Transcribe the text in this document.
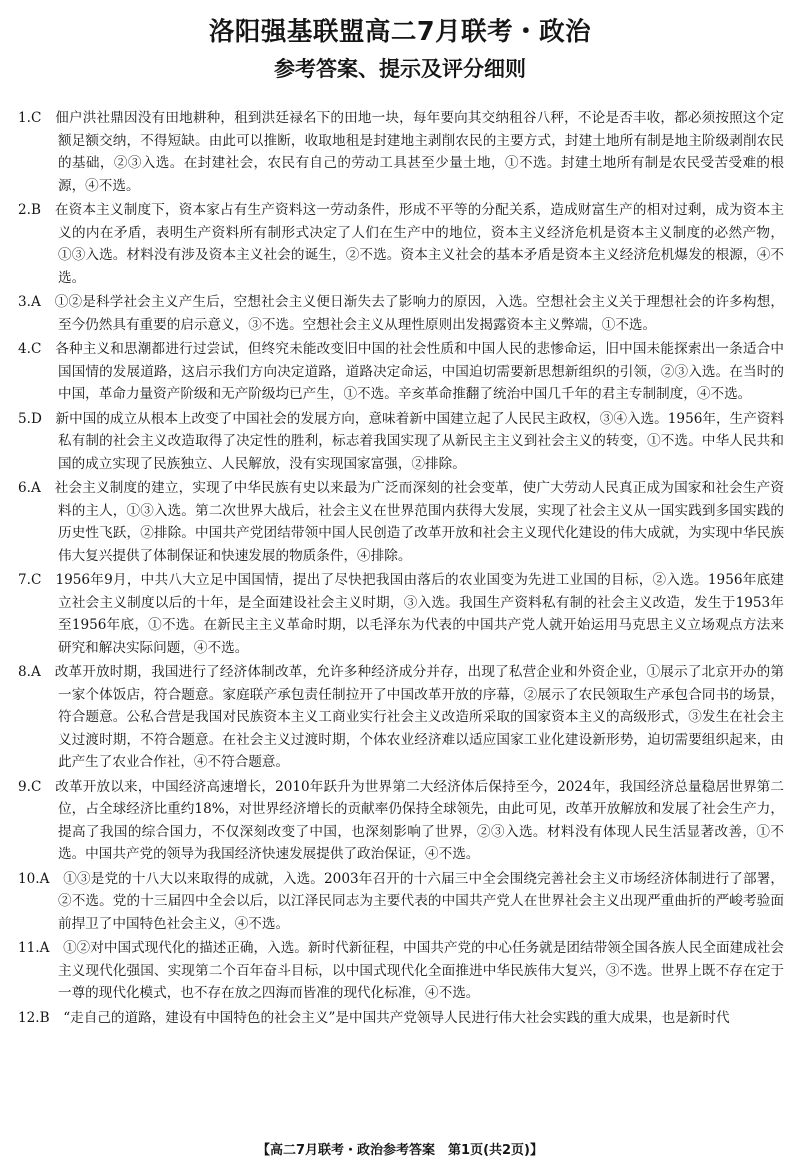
洛阳强基联盟高二7月联考・政治
参考答案、提示及评分细则

1.C　 佃户洪社鼎因没有田地耕种，租到洪廷禄名下的田地一块，每年要向其交纳租谷八秤，不论是否丰收，都必须按照这个定额足额交纳，不得短缺。由此可以推断，收取地租是封建地主剥削农民的主要方式，封建土地所有制是地主阶级剥削农民的基础，②③入选。在封建社会，农民有自己的劳动工具甚至少量土地，①不选。封建土地所有制是农民受苦受难的根源，④不选。

2.B　 在资本主义制度下，资本家占有生产资料这一劳动条件，形成不平等的分配关系，造成财富生产的相对过剩，成为资本主义的内在矛盾，表明生产资料所有制形式决定了人们在生产中的地位，资本主义经济危机是资本主义制度的必然产物，①③入选。材料没有涉及资本主义社会的诞生，②不选。资本主义社会的基本矛盾是资本主义经济危机爆发的根源，④不选。

3.A　 ①②是科学社会主义产生后，空想社会主义便日渐失去了影响力的原因，入选。空想社会主义关于理想社会的许多构想，至今仍然具有重要的启示意义，③不选。空想社会主义从理性原则出发揭露资本主义弊端，①不选。

4.C　 各种主义和思潮都进行过尝试，但终究未能改变旧中国的社会性质和中国人民的悲惨命运，旧中国未能探索出一条适合中国国情的发展道路，这启示我们方向决定道路，道路决定命运，中国迫切需要新思想新组织的引领，②③入选。在当时的中国，革命力量资产阶级和无产阶级均已产生，①不选。辛亥革命推翻了统治中国几千年的君主专制制度，④不选。

5.D　 新中国的成立从根本上改变了中国社会的发展方向，意味着新中国建立起了人民民主政权，③④入选。1956年，生产资料私有制的社会主义改造取得了决定性的胜利，标志着我国实现了从新民主主义到社会主义的转变，①不选。中华人民共和国的成立实现了民族独立、人民解放，没有实现国家富强，②排除。

6.A　 社会主义制度的建立，实现了中华民族有史以来最为广泛而深刻的社会变革，使广大劳动人民真正成为国家和社会生产资料的主人，①③入选。第二次世界大战后，社会主义在世界范围内获得大发展，实现了社会主义从一国实践到多国实践的历史性飞跃，②排除。中国共产党团结带领中国人民创造了改革开放和社会主义现代化建设的伟大成就，为实现中华民族伟大复兴提供了体制保证和快速发展的物质条件，④排除。

7.C　 1956年9月，中共八大立足中国国情，提出了尽快把我国由落后的农业国变为先进工业国的目标，②入选。1956年底建立社会主义制度以后的十年，是全面建设社会主义时期，③入选。我国生产资料私有制的社会主义改造，发生于1953年至1956年底，①不选。在新民主主义革命时期，以毛泽东为代表的中国共产党人就开始运用马克思主义立场观点方法来研究和解决实际问题，④不选。

8.A　 改革开放时期，我国进行了经济体制改革，允许多种经济成分并存，出现了私营企业和外资企业，①展示了北京开办的第一家个体饭店，符合题意。家庭联产承包责任制拉开了中国改革开放的序幕，②展示了农民领取生产承包合同书的场景，符合题意。公私合营是我国对民族资本主义工商业实行社会主义改造所采取的国家资本主义的高级形式，③发生在社会主义过渡时期，不符合题意。在社会主义过渡时期，个体农业经济难以适应国家工业化建设新形势，迫切需要组织起来，由此产生了农业合作社，④不符合题意。

9.C　 改革开放以来，中国经济高速增长，2010年跃升为世界第二大经济体后保持至今，2024年，我国经济总量稳居世界第二位，占全球经济比重约18%，对世界经济增长的贡献率仍保持全球领先，由此可见，改革开放解放和发展了社会生产力，提高了我国的综合国力，不仅深刻改变了中国，也深刻影响了世界，②③入选。材料没有体现人民生活显著改善，①不选。中国共产党的领导为我国经济快速发展提供了政治保证，④不选。

10.A　 ①③是党的十八大以来取得的成就，入选。2003年召开的十六届三中全会围绕完善社会主义市场经济体制进行了部署，②不选。党的十三届四中全会以后，以江泽民同志为主要代表的中国共产党人在世界社会主义出现严重曲折的严峻考验面前捍卫了中国特色社会主义，④不选。

11.A　 ①②对中国式现代化的描述正确，入选。新时代新征程，中国共产党的中心任务就是团结带领全国各族人民全面建成社会主义现代化强国、实现第二个百年奋斗目标，以中国式现代化全面推进中华民族伟大复兴，③不选。世界上既不存在定于一尊的现代化模式，也不存在放之四海而皆准的现代化标准，④不选。

12.B　 “走自己的道路，建设有中国特色的社会主义”是中国共产党领导人民进行伟大社会实践的重大成果，也是新时代

【高二7月联考・政治参考答案　第1页(共2页)】
